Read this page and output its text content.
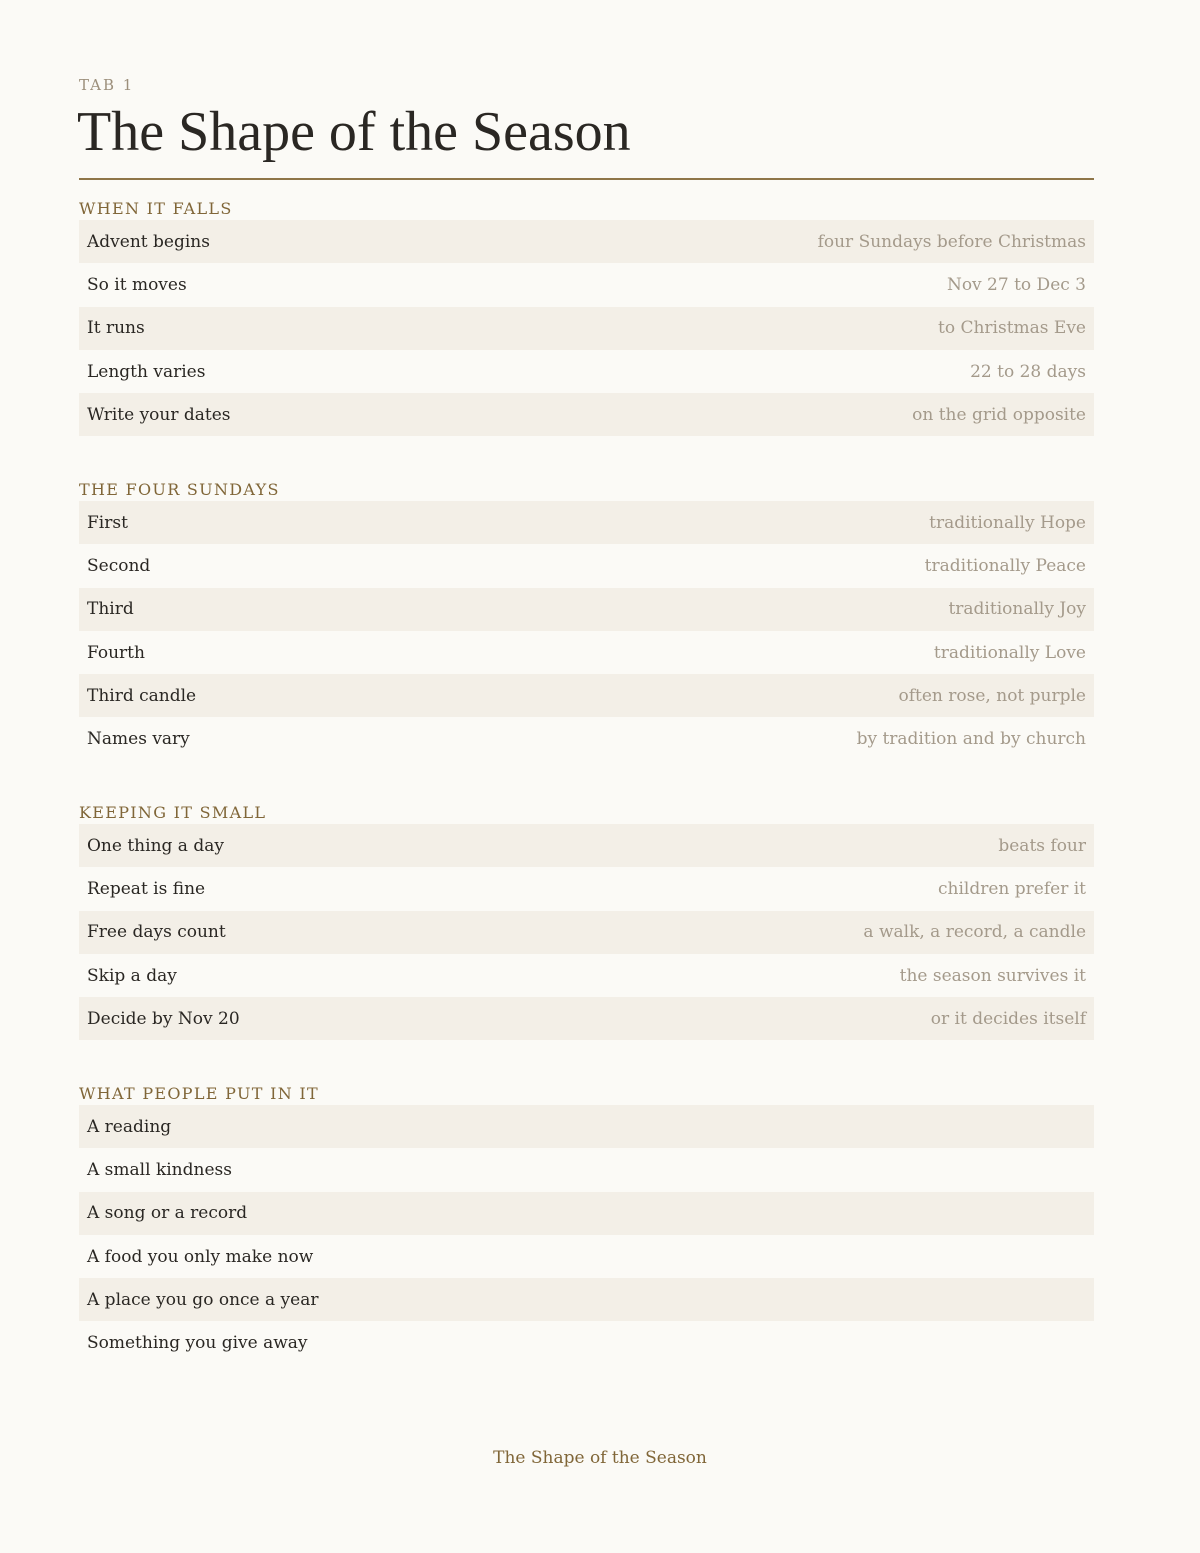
TAB 1
The Shape of the Season
WHEN IT FALLS
Advent begins	four Sundays before Christmas
So it moves	Nov 27 to Dec 3
It runs	to Christmas Eve
Length varies	22 to 28 days
Write your dates	on the grid opposite
THE FOUR SUNDAYS
First	traditionally Hope
Second	traditionally Peace
Third	traditionally Joy
Fourth	traditionally Love
Third candle	often rose, not purple
Names vary	by tradition and by church
KEEPING IT SMALL
One thing a day	beats four
Repeat is fine	children prefer it
Free days count	a walk, a record, a candle
Skip a day	the season survives it
Decide by Nov 20	or it decides itself
WHAT PEOPLE PUT IN IT
A reading
A small kindness
A song or a record
A food you only make now
A place you go once a year
Something you give away
The Shape of the Season
